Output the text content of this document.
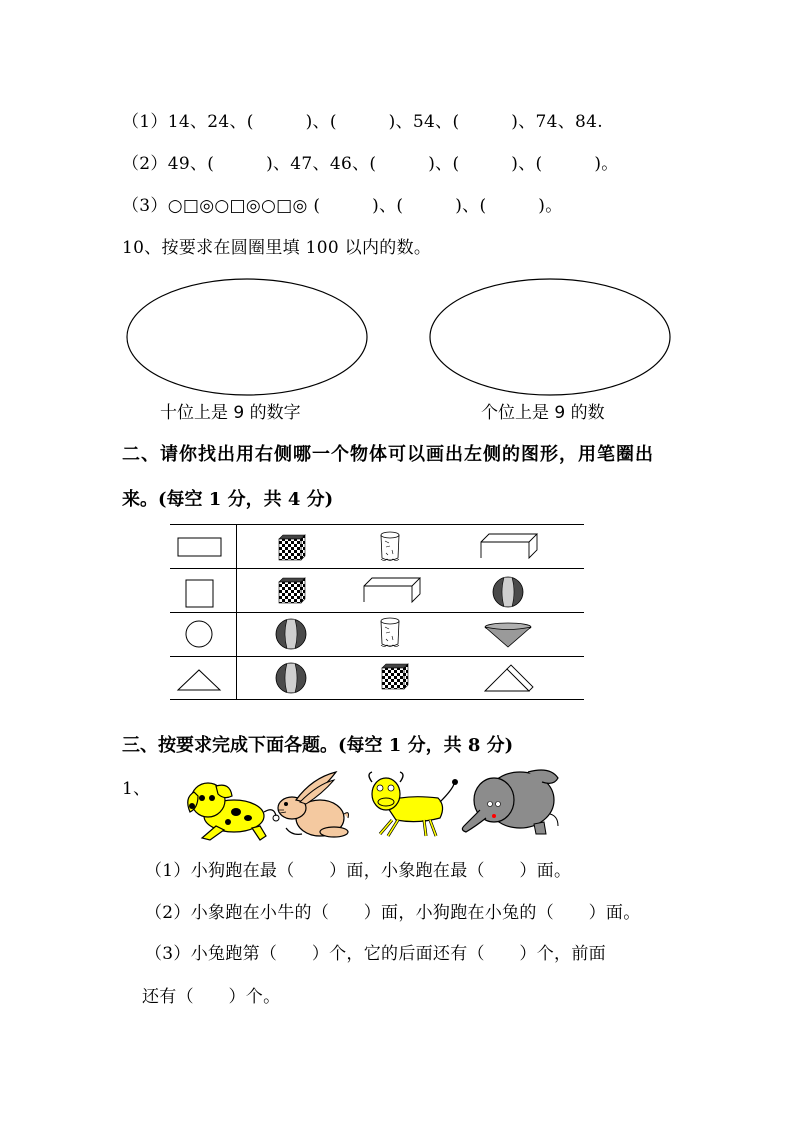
（1）14、24、(　　　)、(　　　)、54、(　　　)、74、84.
（2）49、(　　　)、47、46、(　　　)、(　　　)、(　　　)。
（3）○□◎○□◎○□◎ (　　　)、(　　　)、(　　　)。
10、按要求在圆圈里填 100 以内的数。
十位上是 9 的数字	个位上是 9 的数
二、请你找出用右侧哪一个物体可以画出左侧的图形，用笔圈出
来。(每空 1 分，共 4 分)
三、按要求完成下面各题。(每空 1 分，共 8 分)
1、
（1）小狗跑在最（　　）面，小象跑在最（　　）面。
（2）小象跑在小牛的（　　）面，小狗跑在小兔的（　　）面。
（3）小兔跑第（　　）个，它的后面还有（　　）个，前面
还有（　　）个。
